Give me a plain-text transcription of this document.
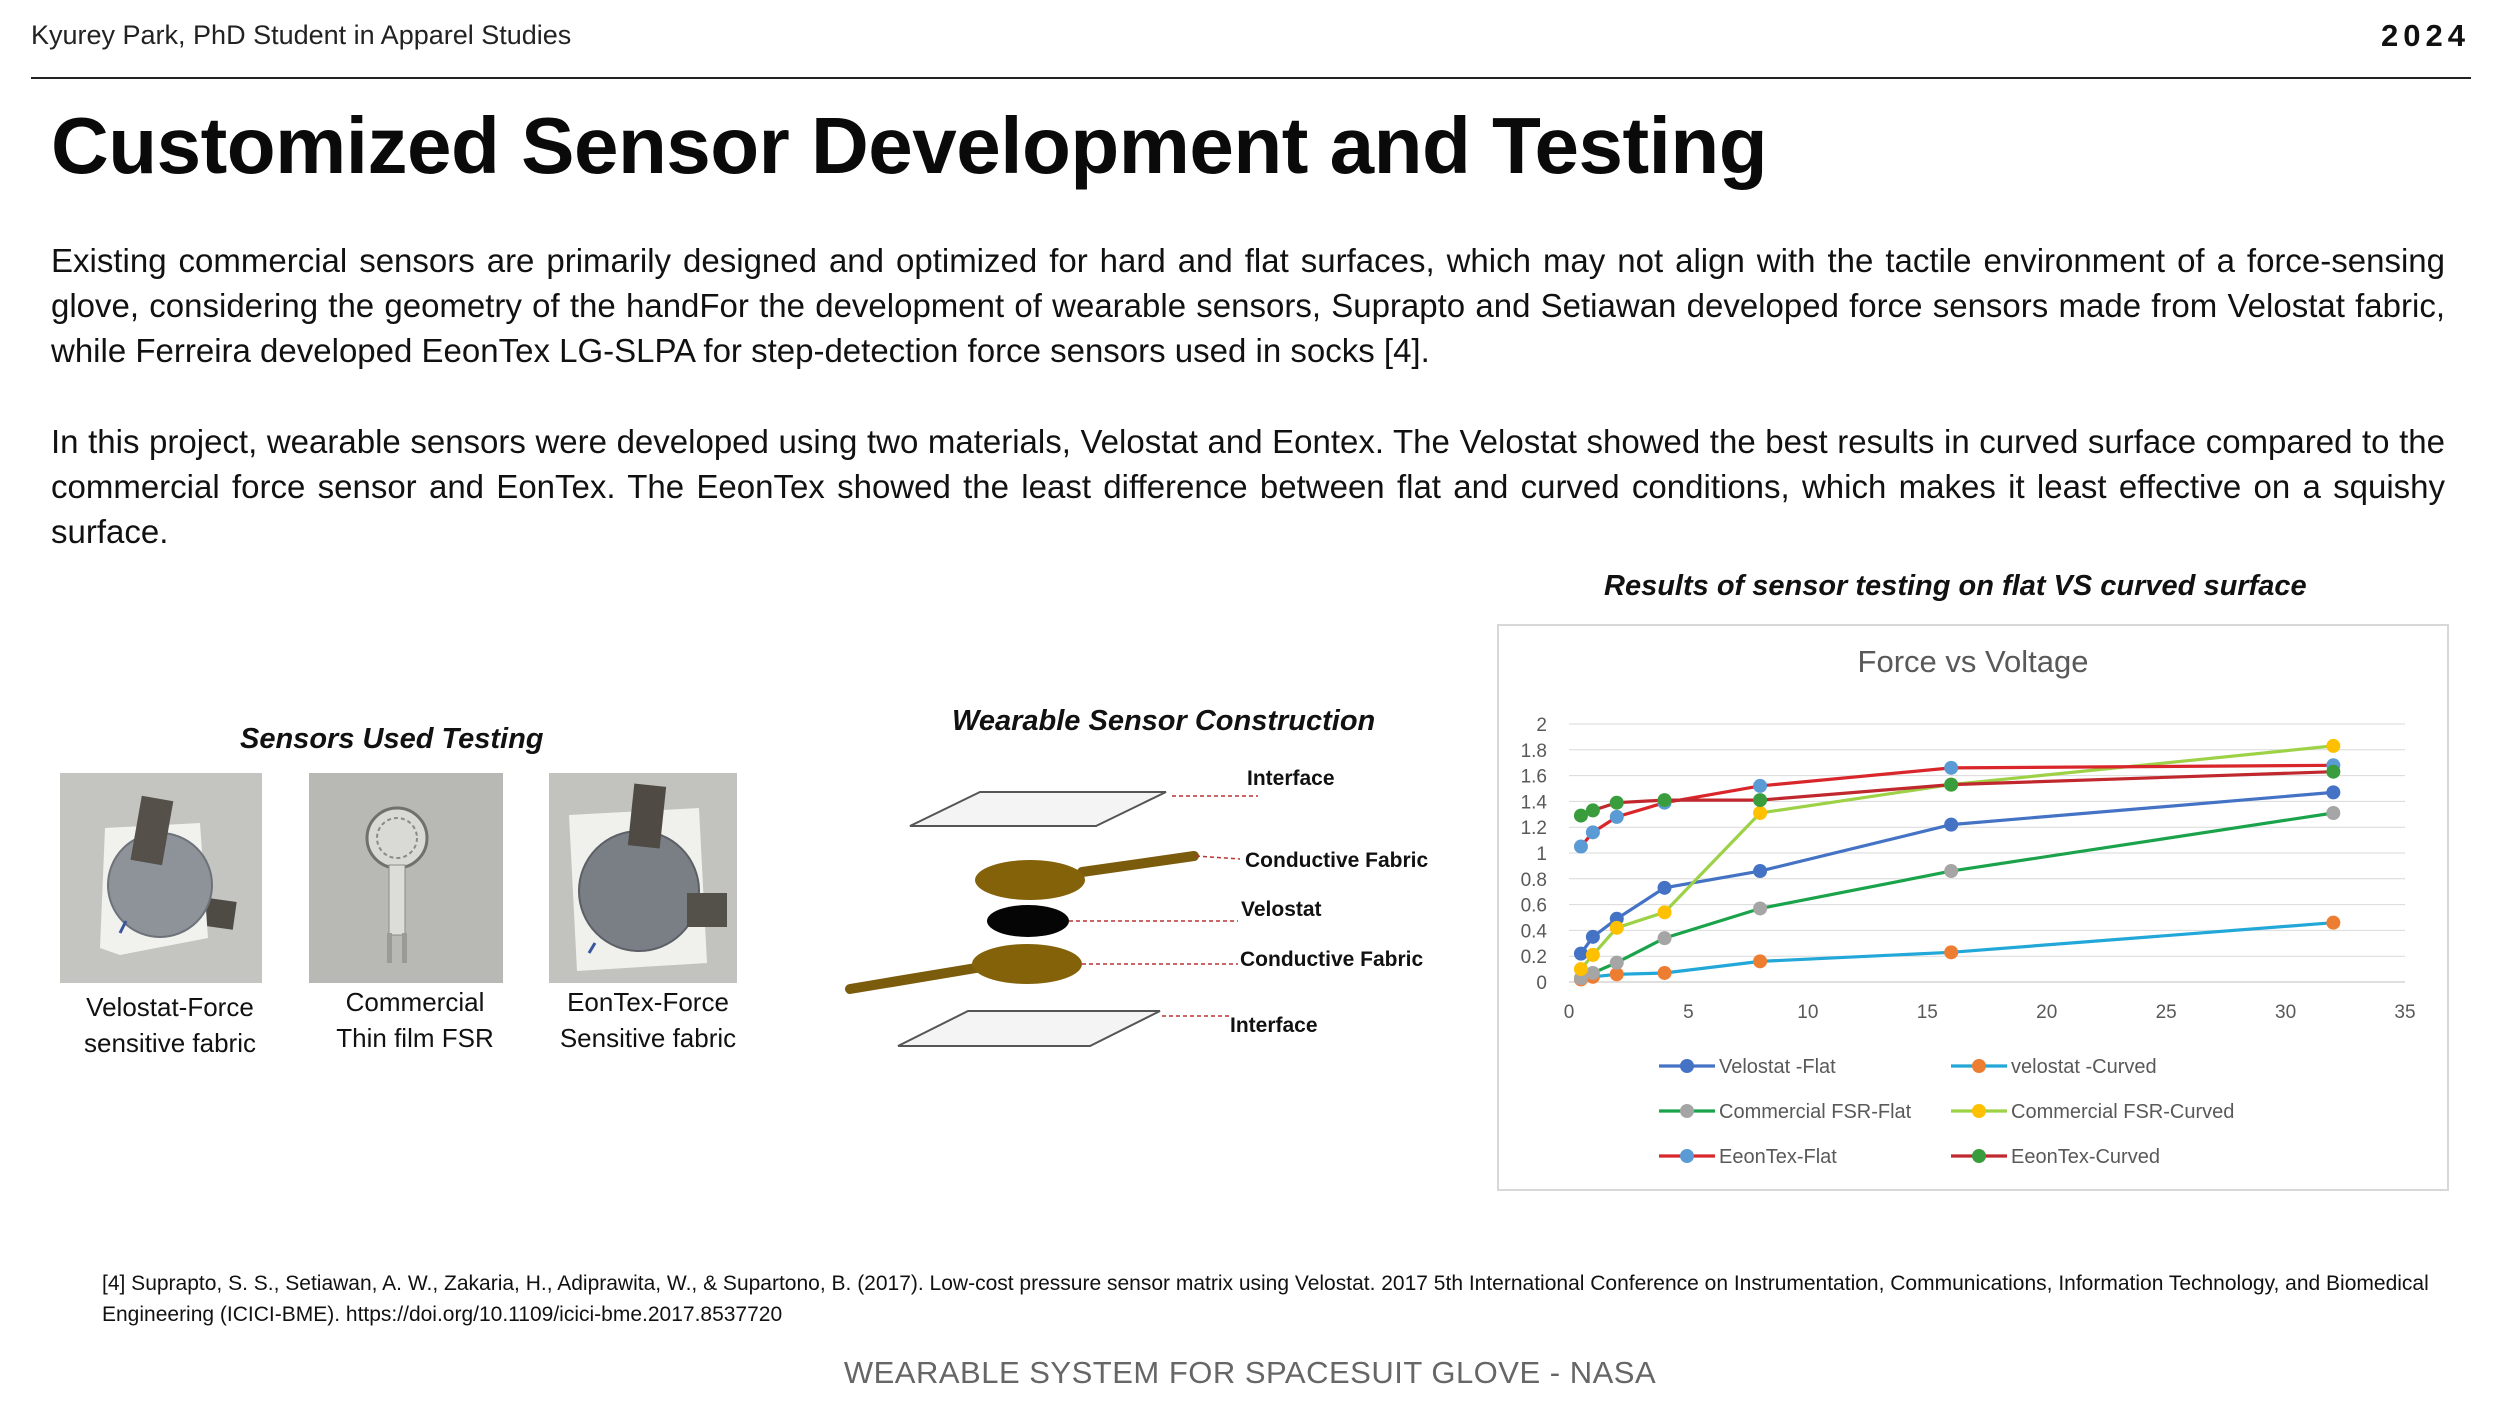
Kyurey Park, PhD Student in Apparel Studies	2024
Customized Sensor Development and Testing
Existing commercial sensors are primarily designed and optimized for hard and flat surfaces, which may not align with the tactile environment of a force-sensing glove, considering the geometry of the handFor the development of wearable sensors, Suprapto and Setiawan developed force sensors made from Velostat fabric, while Ferreira developed EeonTex LG-SLPA for step-detection force sensors used in socks [4].
In this project, wearable sensors were developed using two materials, Velostat and Eontex. The Velostat showed the best results in curved surface compared to the commercial force sensor and EonTex. The EeonTex showed the least difference between flat and curved conditions, which makes it least effective on a squishy surface.
Results of sensor testing on flat VS curved surface
Sensors Used Testing
Wearable Sensor Construction
Velostat-Force
sensitive fabric
Commercial
Thin film FSR
EonTex-Force
Sensitive fabric
Interface
Conductive Fabric
Velostat
Conductive Fabric
Interface
Force vs Voltage
0
0.2
0.4
0.6
0.8
1
1.2
1.4
1.6
1.8
2
0	5	10	15	20	25	30	35
Velostat -Flat	velostat -Curved
Commercial FSR-Flat	Commercial FSR-Curved
EeonTex-Flat	EeonTex-Curved
[4] Suprapto, S. S., Setiawan, A. W., Zakaria, H., Adiprawita, W., & Supartono, B. (2017). Low-cost pressure sensor matrix using Velostat. 2017 5th International Conference on Instrumentation, Communications, Information Technology, and Biomedical Engineering (ICICI-BME). https://doi.org/10.1109/icici-bme.2017.8537720
WEARABLE SYSTEM FOR SPACESUIT GLOVE - NASA
